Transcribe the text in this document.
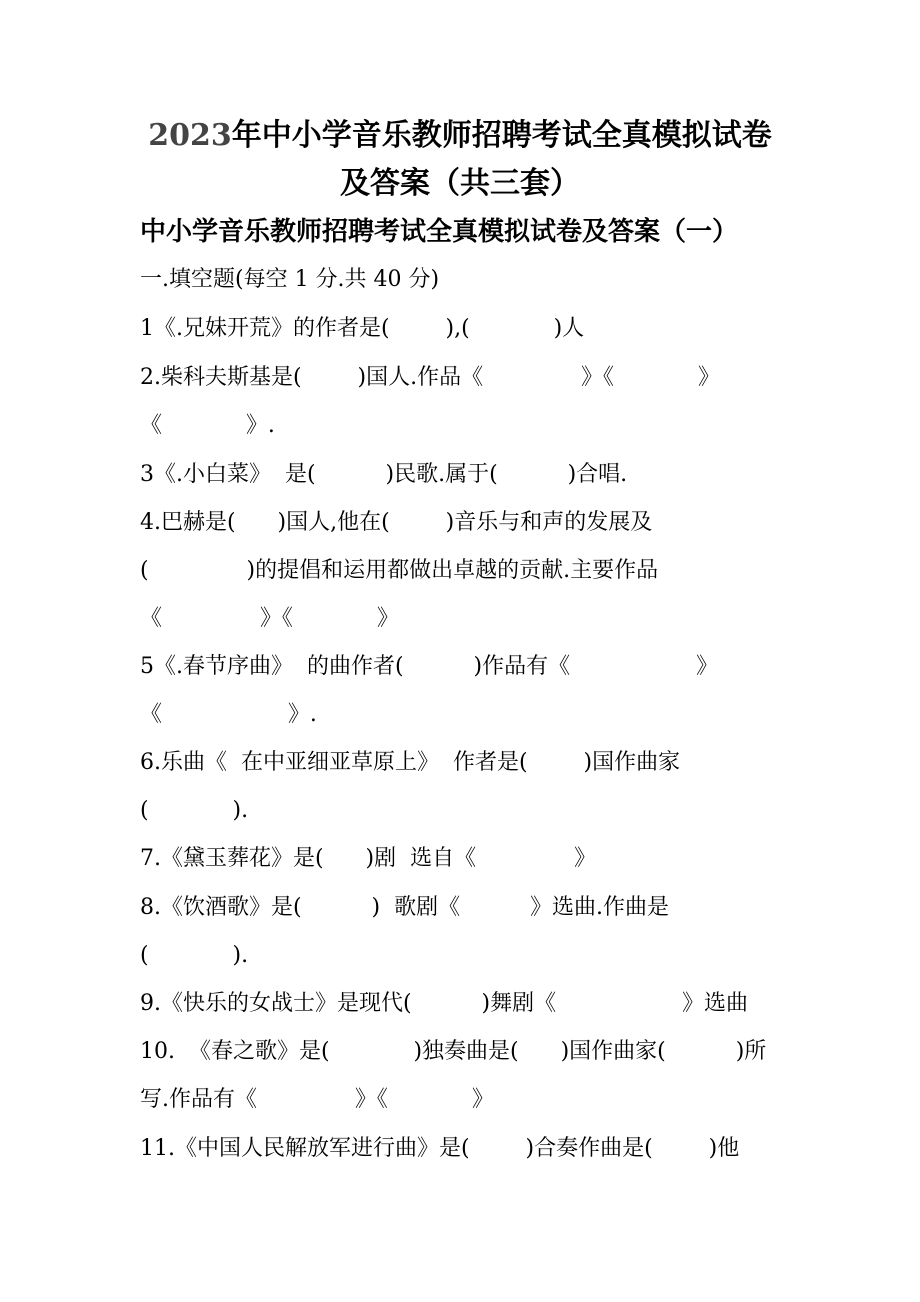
2023年中小学音乐教师招聘考试全真模拟试卷
及答案（共三套）
中小学音乐教师招聘考试全真模拟试卷及答案（一）
一.填空题(每空 1 分.共 40 分)
1《.兄妹开荒》的作者是(        ),(            )人
2.柴科夫斯基是(        )国人.作品《              》《            》
《            》.
3《.小白菜》  是(          )民歌.属于(          )合唱.
4.巴赫是(      )国人,他在(        )音乐与和声的发展及
(              )的提倡和运用都做出卓越的贡献.主要作品
《              》《            》
5《.春节序曲》  的曲作者(          )作品有《                  》
《                  》.
6.乐曲《  在中亚细亚草原上》  作者是(        )国作曲家
(            ).
7.《黛玉葬花》是(      )剧  选自《              》
8.《饮酒歌》是(          )  歌剧《          》选曲.作曲是
(            ).
9.《快乐的女战士》是现代(          )舞剧《                  》选曲
10.  《春之歌》是(            )独奏曲是(      )国作曲家(          )所
写.作品有《              》《            》
11.《中国人民解放军进行曲》是(        )合奏作曲是(        )他
